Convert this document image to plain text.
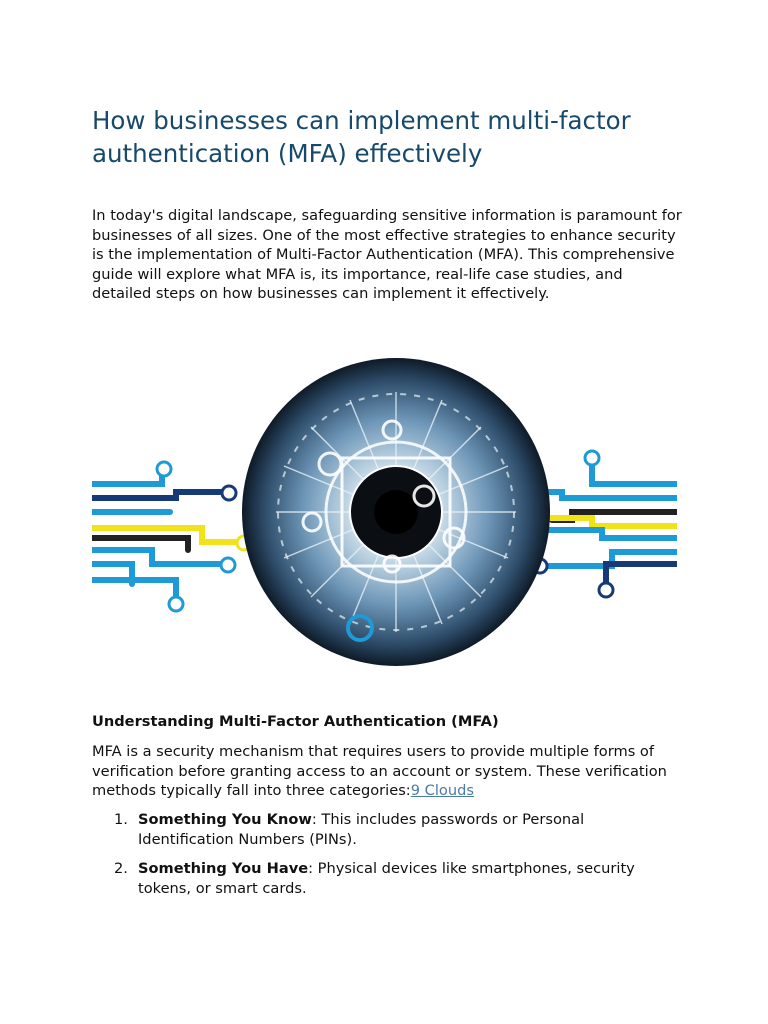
How businesses can implement multi-factor authentication (MFA) effectively

In today's digital landscape, safeguarding sensitive information is paramount for businesses of all sizes. One of the most effective strategies to enhance security is the implementation of Multi-Factor Authentication (MFA). This comprehensive guide will explore what MFA is, its importance, real-life case studies, and detailed steps on how businesses can implement it effectively.

Understanding Multi-Factor Authentication (MFA)

MFA is a security mechanism that requires users to provide multiple forms of verification before granting access to an account or system. These verification methods typically fall into three categories:9 Clouds

1. Something You Know: This includes passwords or Personal Identification Numbers (PINs).
2. Something You Have: Physical devices like smartphones, security tokens, or smart cards.
